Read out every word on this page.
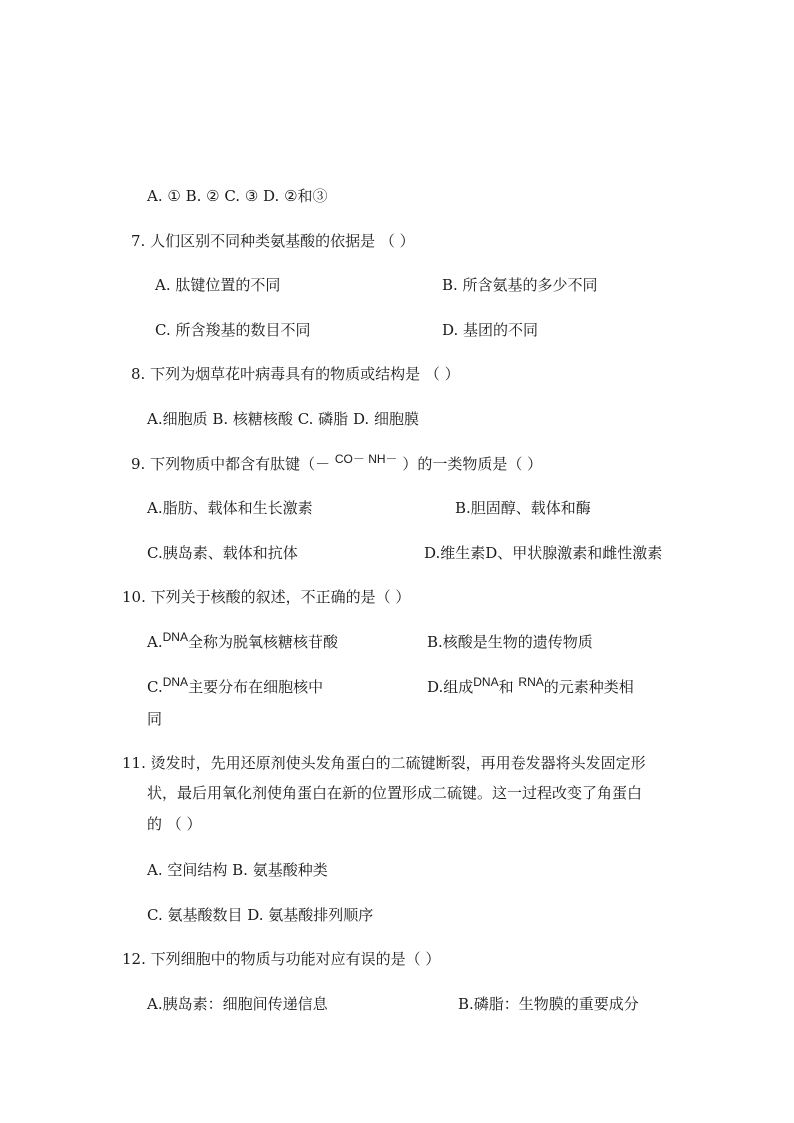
A. ① B. ② C. ③ D. ②和③
7. 人们区别不同种类氨基酸的依据是 （ ）
A. 肽键位置的不同	B. 所含氨基的多少不同
C. 所含羧基的数目不同	D. 基团的不同
8. 下列为烟草花叶病毒具有的物质或结构是 （ ）
A.细胞质 B. 核糖核酸 C. 磷脂 D. 细胞膜
9. 下列物质中都含有肽键（－ $^{CO- NH-}$ ）的一类物质是（ ）
A.脂肪、载体和生长激素	B.胆固醇、载体和酶
C.胰岛素、载体和抗体	D.维生素D、甲状腺激素和雌性激素
10. 下列关于核酸的叙述，不正确的是（ ）
A.$^{DNA}$全称为脱氧核糖核苷酸	B.核酸是生物的遗传物质
C.$^{DNA}$主要分布在细胞核中	D.组成$^{DNA}$和 $^{RNA}$的元素种类相
同
11. 烫发时，先用还原剂使头发角蛋白的二硫键断裂，再用卷发器将头发固定形
状，最后用氧化剂使角蛋白在新的位置形成二硫键。这一过程改变了角蛋白
的 （ ）
A. 空间结构 B. 氨基酸种类
C. 氨基酸数目 D. 氨基酸排列顺序
12. 下列细胞中的物质与功能对应有误的是（ ）
A.胰岛素：细胞间传递信息	B.磷脂：生物膜的重要成分
